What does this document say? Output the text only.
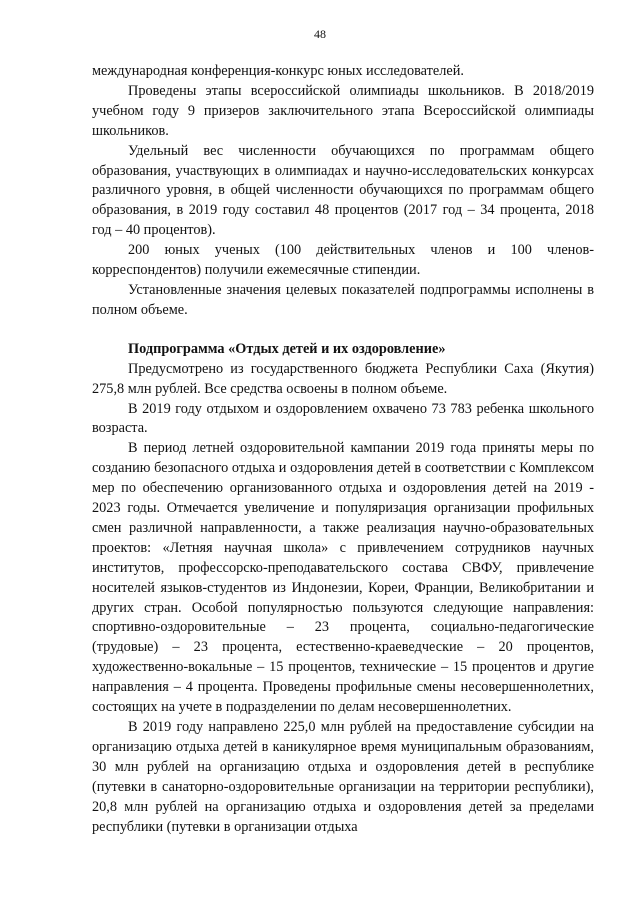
48

международная конференция-конкурс юных исследователей.

Проведены этапы всероссийской олимпиады школьников. В 2018/2019 учебном году 9 призеров заключительного этапа Всероссийской олимпиады школьников.

Удельный вес численности обучающихся по программам общего образования, участвующих в олимпиадах и научно-исследовательских конкурсах различного уровня, в общей численности обучающихся по программам общего образования, в 2019 году составил 48 процентов (2017 год – 34 процента, 2018 год – 40 процентов).

200 юных ученых (100 действительных членов и 100 членов-корреспондентов) получили ежемесячные стипендии.

Установленные значения целевых показателей подпрограммы исполнены в полном объеме.

Подпрограмма «Отдых детей и их оздоровление»

Предусмотрено из государственного бюджета Республики Саха (Якутия) 275,8 млн рублей. Все средства освоены в полном объеме.

В 2019 году отдыхом и оздоровлением охвачено 73 783 ребенка школьного возраста.

В период летней оздоровительной кампании 2019 года приняты меры по созданию безопасного отдыха и оздоровления детей в соответствии с Комплексом мер по обеспечению организованного отдыха и оздоровления детей на 2019 - 2023 годы. Отмечается увеличение и популяризация организации профильных смен различной направленности, а также реализация научно-образовательных проектов: «Летняя научная школа» с привлечением сотрудников научных институтов, профессорско-преподавательского состава СВФУ, привлечение носителей языков-студентов из Индонезии, Кореи, Франции, Великобритании и других стран. Особой популярностью пользуются следующие направления: спортивно-оздоровительные – 23 процента, социально-педагогические (трудовые) – 23 процента, естественно-краеведческие – 20 процентов, художественно-вокальные – 15 процентов, технические – 15 процентов и другие направления – 4 процента. Проведены профильные смены несовершеннолетних, состоящих на учете в подразделении по делам несовершеннолетних.

В 2019 году направлено 225,0 млн рублей на предоставление субсидии на организацию отдыха детей в каникулярное время муниципальным образованиям, 30 млн рублей на организацию отдыха и оздоровления детей в республике (путевки в санаторно-оздоровительные организации на территории республики), 20,8 млн рублей на организацию отдыха и оздоровления детей за пределами республики (путевки в организации отдыха
